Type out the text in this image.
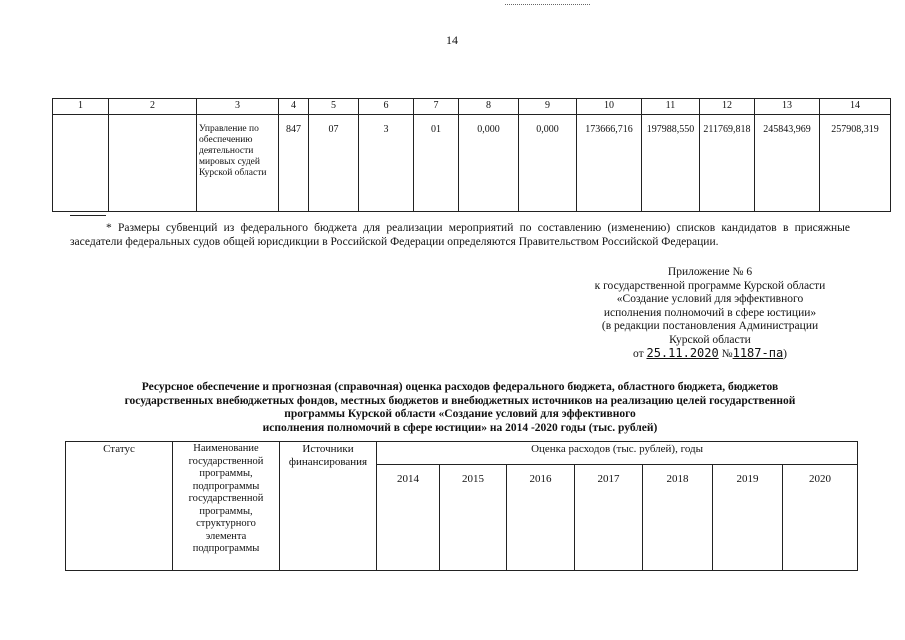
14
1	2	3	4	5	6	7	8	9	10	11	12	13	14
		Управление по обеспечению деятельности мировых судей Курской области	847	07	3	01	0,000	0,000	173666,716	197988,550	211769,818	245843,969	257908,319
* Размеры субвенций из федерального бюджета для реализации мероприятий по составлению (изменению) списков кандидатов в присяжные заседатели федеральных судов общей юрисдикции в Российской Федерации определяются Правительством Российской Федерации.
Приложение № 6
к государственной программе Курской области
«Создание условий для эффективного
исполнения полномочий в сфере юстиции»
(в редакции постановления Администрации
Курской области
от 25.11.2020 №1187-па)
Ресурсное обеспечение и прогнозная (справочная) оценка расходов федерального бюджета, областного бюджета, бюджетов
государственных внебюджетных фондов, местных бюджетов и внебюджетных источников на реализацию целей государственной
программы Курской области «Создание условий для эффективного
исполнения полномочий в сфере юстиции» на 2014 -2020 годы (тыс. рублей)
Статус	Наименование государственной программы, подпрограммы государственной программы, структурного элемента подпрограммы	Источники финансирования	Оценка расходов (тыс. рублей), годы						
			2014	2015	2016	2017	2018	2019	2020
